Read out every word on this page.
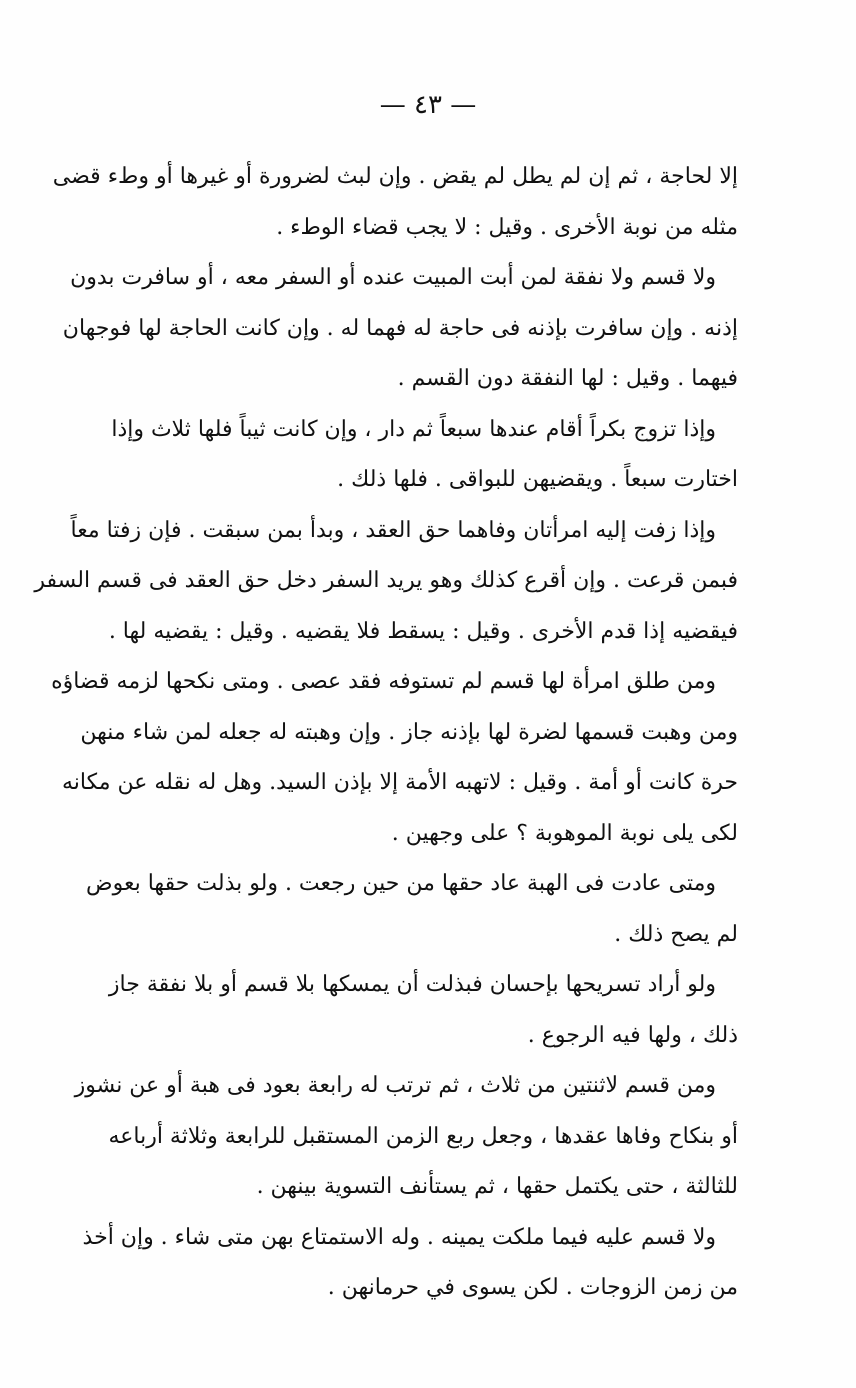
— ٤٣ —
إلا لحاجة ، ثم إن لم يطل لم يقض . وإن لبث لضرورة أو غيرها أو وطء قضى
مثله من نوبة الأخرى . وقيل : لا يجب قضاء الوطء .
ولا قسم ولا نفقة لمن أبت المبيت عنده أو السفر معه ، أو سافرت بدون
إذنه . وإن سافرت بإذنه فى حاجة له فهما له . وإن كانت الحاجة لها فوجهان
فيهما . وقيل : لها النفقة دون القسم .
وإذا تزوج بكراً أقام عندها سبعاً ثم دار ، وإن كانت ثيباً فلها ثلاث وإذا
اختارت سبعاً . ويقضيهن للبواقى . فلها ذلك .
وإذا زفت إليه امرأتان وفاهما حق العقد ، وبدأ بمن سبقت . فإن زفتا معاً
فبمن قرعت . وإن أقرع كذلك وهو يريد السفر دخل حق العقد فى قسم السفر
فيقضيه إذا قدم الأخرى . وقيل : يسقط فلا يقضيه . وقيل : يقضيه لها .
ومن طلق امرأة لها قسم لم تستوفه فقد عصى . ومتى نكحها لزمه قضاؤه
ومن وهبت قسمها لضرة لها بإذنه جاز . وإن وهبته له جعله لمن شاء منهن
حرة كانت أو أمة . وقيل : لاتهبه الأمة إلا بإذن السيد. وهل له نقله عن مكانه
لكى يلى نوبة الموهوبة ؟ على وجهين .
ومتى عادت فى الهبة عاد حقها من حين رجعت . ولو بذلت حقها بعوض
لم يصح ذلك .
ولو أراد تسريحها بإحسان فبذلت أن يمسكها بلا قسم أو بلا نفقة جاز
ذلك ، ولها فيه الرجوع .
ومن قسم لاثنتين من ثلاث ، ثم ترتب له رابعة بعود فى هبة أو عن نشوز
أو بنكاح وفاها عقدها ، وجعل ربع الزمن المستقبل للرابعة وثلاثة أرباعه
للثالثة ، حتى يكتمل حقها ، ثم يستأنف التسوية بينهن .
ولا قسم عليه فيما ملكت يمينه . وله الاستمتاع بهن متى شاء . وإن أخذ
من زمن الزوجات . لكن يسوى في حرمانهن .
